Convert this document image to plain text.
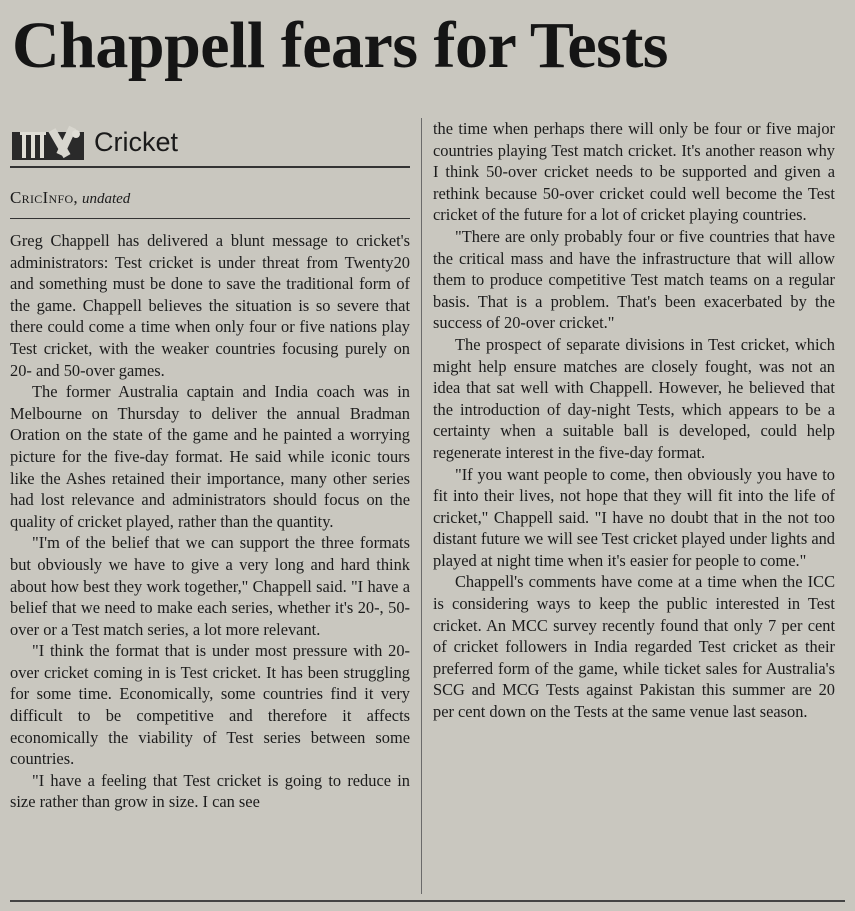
Chappell fears for Tests
Cricket
CricInfo, undated

Greg Chappell has delivered a blunt message to cricket's administrators: Test cricket is under threat from Twenty20 and something must be done to save the traditional form of the game. Chappell believes the situation is so severe that there could come a time when only four or five nations play Test cricket, with the weaker countries focusing purely on 20- and 50-over games.

The former Australia captain and India coach was in Melbourne on Thursday to deliver the annual Bradman Oration on the state of the game and he painted a worrying picture for the five-day format. He said while iconic tours like the Ashes retained their importance, many other series had lost relevance and administrators should focus on the quality of cricket played, rather than the quantity.

"I'm of the belief that we can support the three formats but obviously we have to give a very long and hard think about how best they work together," Chappell said. "I have a belief that we need to make each series, whether it's 20-, 50-over or a Test match series, a lot more relevant.

"I think the format that is under most pressure with 20-over cricket coming in is Test cricket. It has been struggling for some time. Economically, some countries find it very difficult to be competitive and therefore it affects economically the viability of Test series between some countries.

"I have a feeling that Test cricket is going to reduce in size rather than grow in size. I can see

the time when perhaps there will only be four or five major countries playing Test match cricket. It's another reason why I think 50-over cricket needs to be supported and given a rethink because 50-over cricket could well become the Test cricket of the future for a lot of cricket playing countries.

"There are only probably four or five countries that have the critical mass and have the infrastructure that will allow them to produce competitive Test match teams on a regular basis. That is a problem. That's been exacerbated by the success of 20-over cricket."

The prospect of separate divisions in Test cricket, which might help ensure matches are closely fought, was not an idea that sat well with Chappell. However, he believed that the introduction of day-night Tests, which appears to be a certainty when a suitable ball is developed, could help regenerate interest in the five-day format.

"If you want people to come, then obviously you have to fit into their lives, not hope that they will fit into the life of cricket," Chappell said. "I have no doubt that in the not too distant future we will see Test cricket played under lights and played at night time when it's easier for people to come."

Chappell's comments have come at a time when the ICC is considering ways to keep the public interested in Test cricket. An MCC survey recently found that only 7 per cent of cricket followers in India regarded Test cricket as their preferred form of the game, while ticket sales for Australia's SCG and MCG Tests against Pakistan this summer are 20 per cent down on the Tests at the same venue last season.
